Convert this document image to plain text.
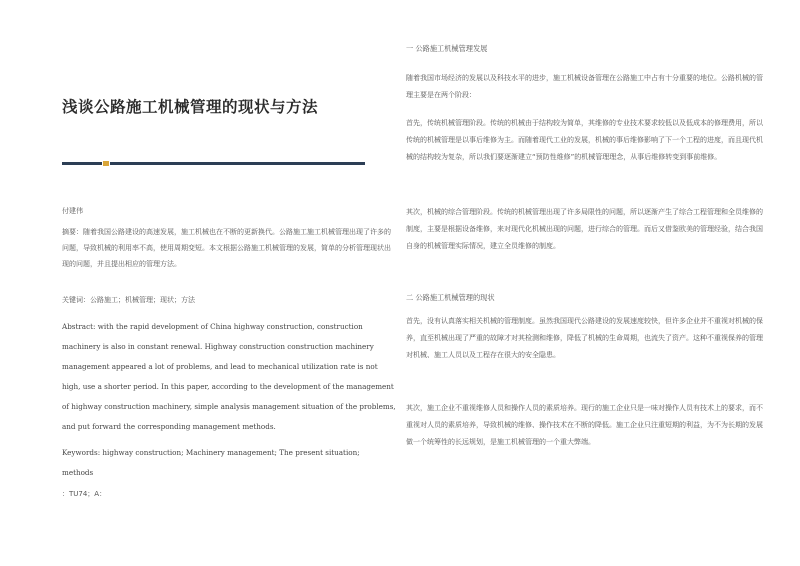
浅谈公路施工机械管理的现状与方法
付建伟
摘要：随着我国公路建设的高速发展，施工机械也在不断的更新换代。公路施工施工机械管理出现了许多的问题，导致机械的利用率不高，使用周期变短。本文根据公路施工机械管理的发展，简单的分析管理现状出现的问题，并且提出相应的管理方法。
关键词：公路施工；机械管理；现状；方法
Abstract: with the rapid development of China highway construction, construction machinery is also in constant renewal. Highway construction construction machinery management appeared a lot of problems, and lead to mechanical utilization rate is not high, use a shorter period. In this paper, according to the development of the management of highway construction machinery, simple analysis management situation of the problems, and put forward the corresponding management methods.
Keywords: highway construction; Machinery management; The present situation; methods
：TU74；A：
一 公路施工机械管理发展
随着我国市场经济的发展以及科技水平的进步，施工机械设备管理在公路施工中占有十分重要的地位。公路机械的管理主要是在两个阶段：
首先，传统机械管理阶段。传统的机械由于结构较为简单，其维修的专业技术要求较低以及低成本的修理费用，所以传统的机械管理是以事后维修为主。而随着现代工业的发展，机械的事后维修影响了下一个工程的进度，而且现代机械的结构较为复杂，所以我们要逐渐建立“预防性维修”的机械管理理念，从事后维修转变到事前维修。
其次，机械的综合管理阶段。传统的机械管理出现了许多局限性的问题，所以逐渐产生了综合工程管理和全员维修的制度，主要是根据设备维修，来对现代化机械出现的问题，进行综合的管理。而后又借鉴欧美的管理经验，结合我国自身的机械管理实际情况，建立全员维修的制度。
二 公路施工机械管理的现状
首先，没有认真落实相关机械的管理制度。虽然我国现代公路建设的发展速度较快，但许多企业并不重视对机械的保养，直至机械出现了严重的故障才对其检测和维修，降低了机械的生命周期，也流失了资产。这种不重视保养的管理对机械、施工人员以及工程存在很大的安全隐患。
其次，施工企业不重视维修人员和操作人员的素质培养。现行的施工企业只是一味对操作人员有技术上的要求，而不重视对人员的素质培养，导致机械的维修、操作技术在不断的降低。施工企业只注重短期的利益，为不为长期的发展做一个统筹性的长远规划，是施工机械管理的一个重大弊端。
